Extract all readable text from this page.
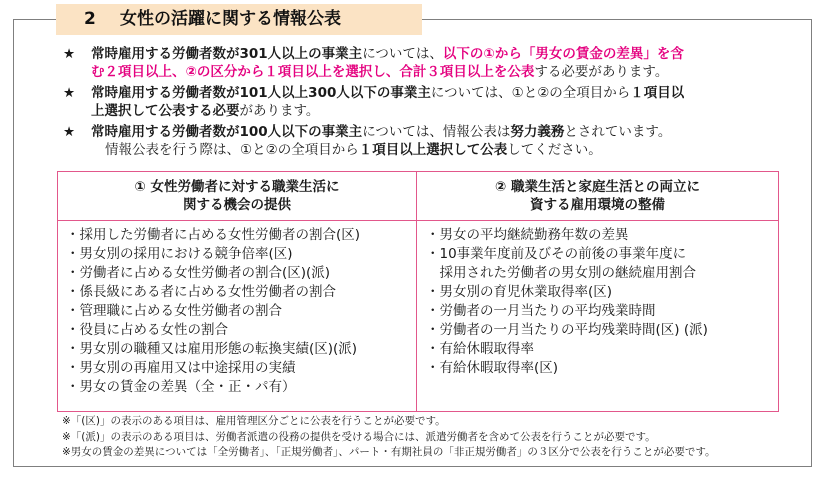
2 女性の活躍に関する情報公表
★ 常時雇用する労働者数が301人以上の事業主については、以下の①から「男女の賃金の差異」を含
む２項目以上、②の区分から１項目以上を選択し、合計３項目以上を公表する必要があります。
★ 常時雇用する労働者数が101人以上300人以下の事業主については、①と②の全項目から１項目以
上選択して公表する必要があります。
★ 常時雇用する労働者数が100人以下の事業主については、情報公表は努力義務とされています。
情報公表を行う際は、①と②の全項目から１項目以上選択して公表してください。
① 女性労働者に対する職業生活に
関する機会の提供
② 職業生活と家庭生活との両立に
資する雇用環境の整備
・採用した労働者に占める女性労働者の割合(区)
・男女別の採用における競争倍率(区)
・労働者に占める女性労働者の割合(区)(派)
・係長級にある者に占める女性労働者の割合
・管理職に占める女性労働者の割合
・役員に占める女性の割合
・男女別の職種又は雇用形態の転換実績(区)(派)
・男女別の再雇用又は中途採用の実績
・男女の賃金の差異（全・正・パ有）
・男女の平均継続勤務年数の差異
・10事業年度前及びその前後の事業年度に
　採用された労働者の男女別の継続雇用割合
・男女別の育児休業取得率(区)
・労働者の一月当たりの平均残業時間
・労働者の一月当たりの平均残業時間(区) (派)
・有給休暇取得率
・有給休暇取得率(区)
※「(区)」の表示のある項目は、雇用管理区分ごとに公表を行うことが必要です。
※「(派)」の表示のある項目は、労働者派遣の役務の提供を受ける場合には、派遣労働者を含めて公表を行うことが必要です。
※男女の賃金の差異については「全労働者」、「正規労働者」、パート・有期社員の「非正規労働者」の３区分で公表を行うことが必要です。
